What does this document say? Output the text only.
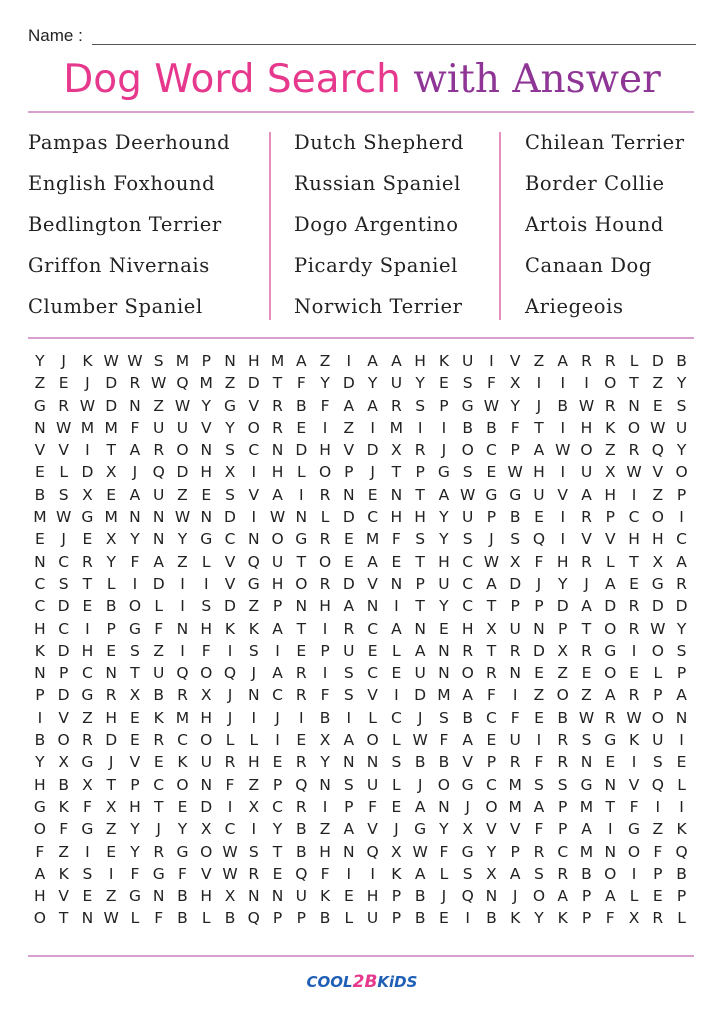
Name :
Dog Word Search with Answer
Pampas Deerhound
English Foxhound
Bedlington Terrier
Griffon Nivernais
Clumber Spaniel
Dutch Shepherd
Russian Spaniel
Dogo Argentino
Picardy Spaniel
Norwich Terrier
Chilean Terrier
Border Collie
Artois Hound
Canaan Dog
Ariegeois
Y	J	K W W S M P N H M A Z	I	A A H K U	I	V Z A R R L D B
Z E	J	D R W Q M Z D T F Y D Y U Y E S F X	I	I	I O T Z Y
G R W D N Z W Y G V R B F A A R S P G W Y	J	B W R N E S
N W M M F U U V Y O R E	I	Z	I M I	I	B B F T	I	H K O W U
V V	I	T A R O N S C N D H V D X R	J O C P A W O Z R Q Y
E L D X	J Q D H X	I	H L O P	J	T P G S E W H	I	U X W V O
B S X E A U Z E S V A	I	R N E N T A W G G U V A H	I	Z P
M W G M N N W N D	I W N L D C H H Y U P B E	I	R P C O I
E	J	E X Y N Y G C N O G R E M F S Y S	J	S Q I	V V H H C
N C R Y F A Z L V Q U T O E A E T H C W X F H R L T X A
C S T L	I	D	I	I	V G H O R D V N P U C A D	J	Y	J	A E G R
C D E B O L	I	S D Z P N H A N	I	T Y C T P P D A D R D D
H C	I	P G F N H K K A T	I	R C A N E H X U N P T O R W Y
K D H E S Z	I	F	I	S	I	E P U E L A N R T R D X R G I O S
N P C N T U Q O Q J	A R	I	S C E U N O R N E Z E O E L P
P D G R X B R X	J	N C R F S V	I	D M A F	I	Z O Z A R P A
I	V Z H E K M H	J	I	J	I	B	I	L C	J	S B C F E B W R W O N
B O R D E R C O L L	I	E X A O L W F A E U	I	R S G K U	I
Y X G J	V E K U R H E R Y N N S B B V P R F R N E	I	S E
H B X T P C O N F Z P Q N S U L	J O G C M S S G N V Q L
G K F X H T E D	I	X C R	I	P F E A N	J O M A P M T F	I	I
O F G Z Y	J	Y X C	I	Y B Z A V	J G Y X V V F P A	I G Z K
F Z	I	E Y R G O W S T B H N Q X W F G Y P R C M N O F Q
A K S	I	F G F V W R E Q F	I	I	K A L S X A S R B O I	P B
H V E Z G N B H X N N U K E H P B	J Q N	J O A P A L E P
O T N W L F B L B Q P P B L U P B E	I	B K Y K P F X R L
COOL2BKiDS
